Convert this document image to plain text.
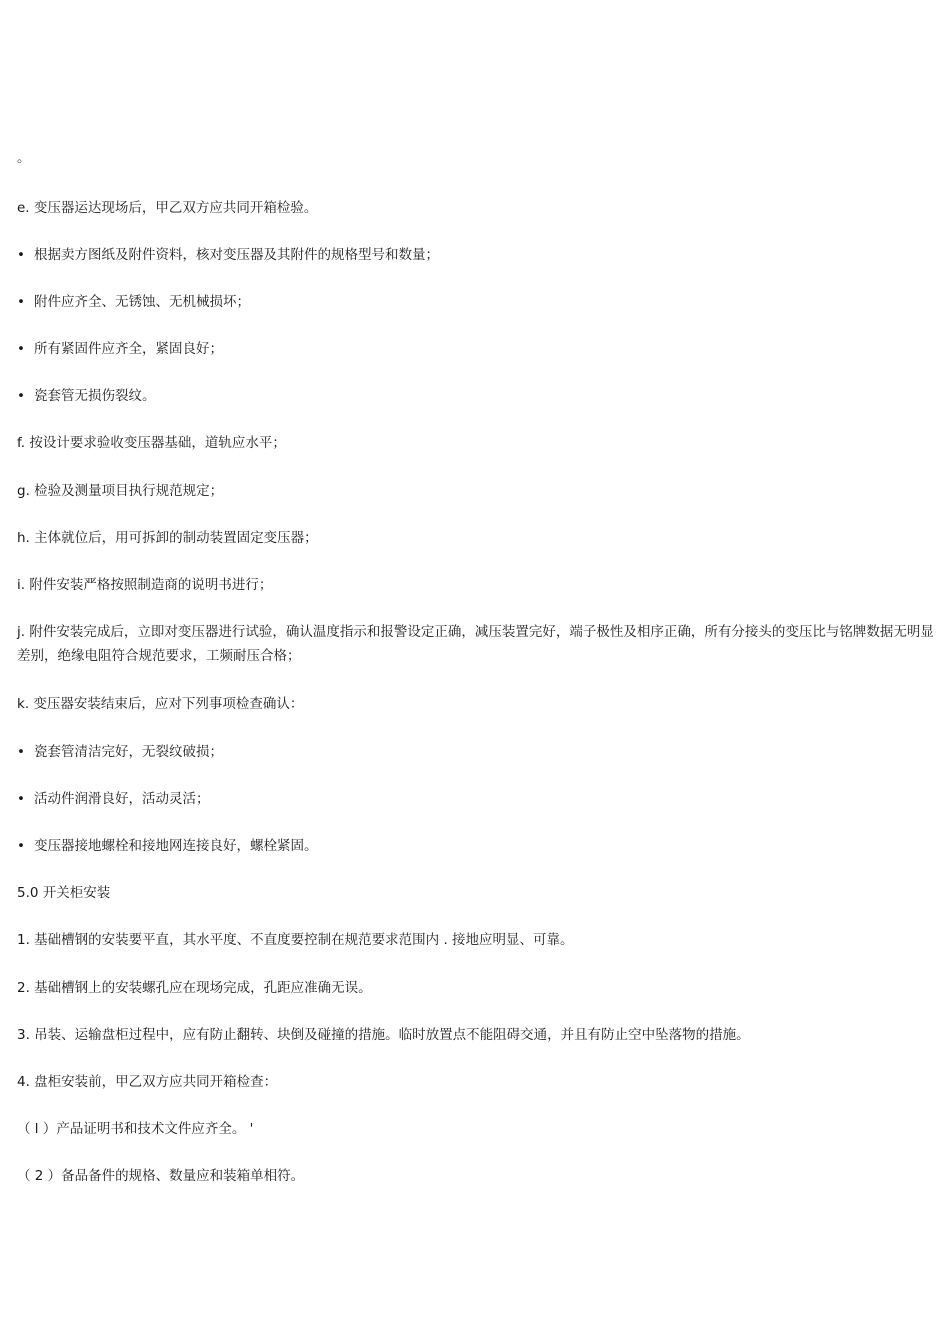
。
e. 变压器运达现场后，甲乙双方应共同开箱检验。
• 根据卖方图纸及附件资料，核对变压器及其附件的规格型号和数量；
• 附件应齐全、无锈蚀、无机械损坏；
• 所有紧固件应齐全，紧固良好；
• 瓷套管无损伤裂纹。
f. 按设计要求验收变压器基础，道轨应水平；
g. 检验及测量项目执行规范规定；
h. 主体就位后，用可拆卸的制动装置固定变压器；
i. 附件安装严格按照制造商的说明书进行；
j. 附件安装完成后，立即对变压器进行试验，确认温度指示和报警设定正确，减压装置完好，端子极性及相序正确，所有分接头的变压比与铭牌数据无明显差别，绝缘电阻符合规范要求，工频耐压合格；
k. 变压器安装结束后，应对下列事项检查确认：
• 瓷套管清洁完好，无裂纹破损；
• 活动件润滑良好，活动灵活；
• 变压器接地螺栓和接地网连接良好，螺栓紧固。
5.0 开关柜安装
1. 基础槽钢的安装要平直，其水平度、不直度要控制在规范要求范围内 . 接地应明显、可靠。
2. 基础槽钢上的安装螺孔应在现场完成，孔距应准确无误。
3. 吊装、运输盘柜过程中，应有防止翻转、块倒及碰撞的措施。临时放置点不能阻碍交通，并且有防止空中坠落物的措施。
4. 盘柜安装前，甲乙双方应共同开箱检查：
（ l ）产品证明书和技术文件应齐全。 '
（ 2 ）备品备件的规格、数量应和装箱单相符。
